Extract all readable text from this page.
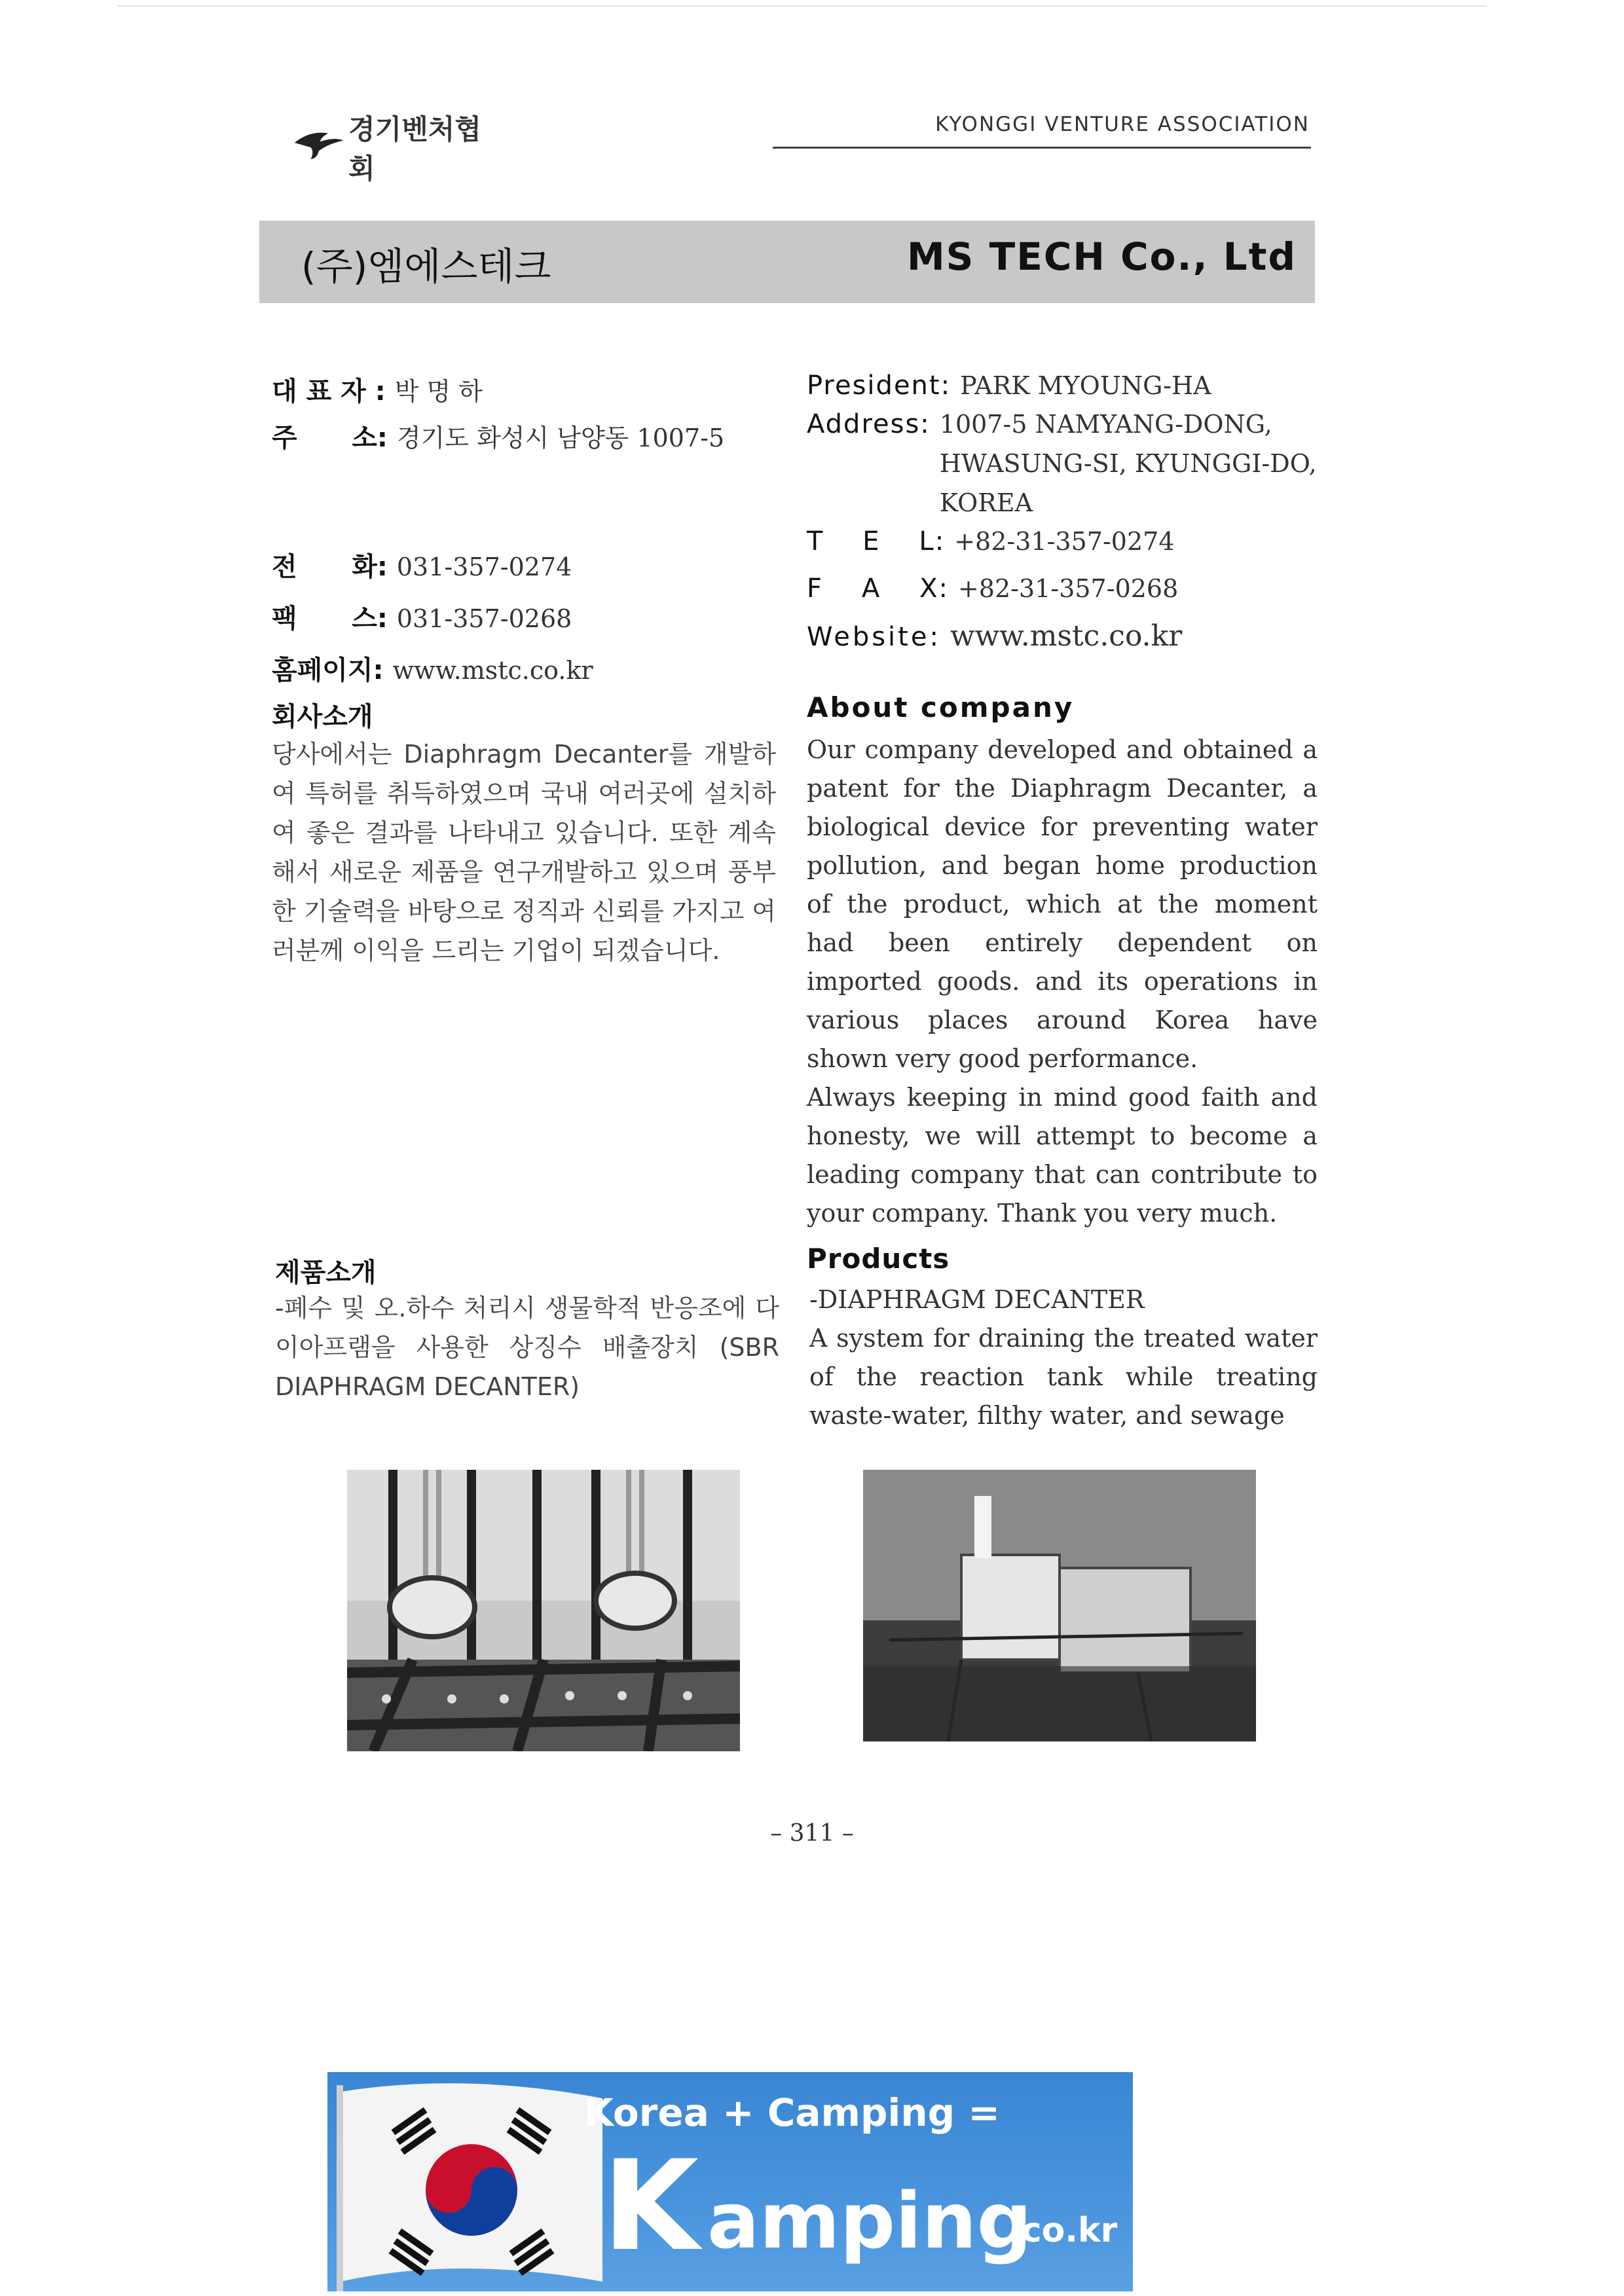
경기벤처협회
KYONGGI VENTURE ASSOCIATION
(주)엠에스테크	MS TECH Co., Ltd
대 표 자 : 박 명 하
주      소: 경기도 화성시 남양동 1007-5
전      화: 031-357-0274
팩      스: 031-357-0268
홈페이지: www.mstc.co.kr
회사소개
당사에서는 Diaphragm Decanter를 개발하여 특허를 취득하였으며 국내 여러곳에 설치하여 좋은 결과를 나타내고 있습니다. 또한 계속해서 새로운 제품을 연구개발하고 있으며 풍부한 기술력을 바탕으로 정직과 신뢰를 가지고 여러분께 이익을 드리는 기업이 되겠습니다.
제품소개
-폐수 및 오.하수 처리시 생물학적 반응조에 다이아프램을 사용한 상징수 배출장치 (SBR DIAPHRAGM DECANTER)
President: PARK MYOUNG-HA
Address: 1007-5 NAMYANG-DONG,
HWASUNG-SI, KYUNGGI-DO,
KOREA
T    E    L: +82-31-357-0274
F    A    X: +82-31-357-0268
Website: www.mstc.co.kr
About company
Our company developed and obtained a patent for the Diaphragm Decanter, a biological device for preventing water pollution, and began home production of the product, which at the moment had been entirely dependent on imported goods. and its operations in various places around Korea have shown very good performance.
Always keeping in mind good faith and honesty, we will attempt to become a leading company that can contribute to your company. Thank you very much.
Products
-DIAPHRAGM DECANTER
A system for draining the treated water of the reaction tank while treating waste-water, filthy water, and sewage
– 311 –
Korea + Camping =
K amping
.co.kr
